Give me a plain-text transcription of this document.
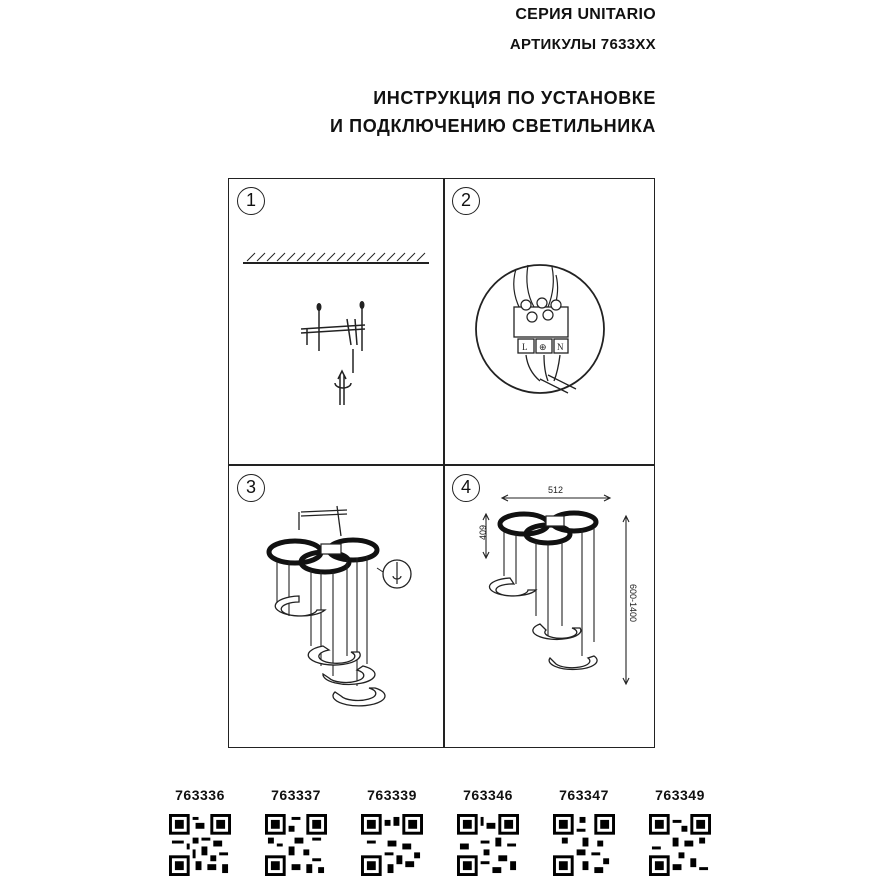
СЕРИЯ UNITARIO
АРТИКУЛЫ 7633XX
ИНСТРУКЦИЯ ПО УСТАНОВКЕ
И ПОДКЛЮЧЕНИЮ СВЕТИЛЬНИКА
1
L ⊕ N
2
3	512
409
600-1400
4
763336	763337	763339	763346	763347	763349
